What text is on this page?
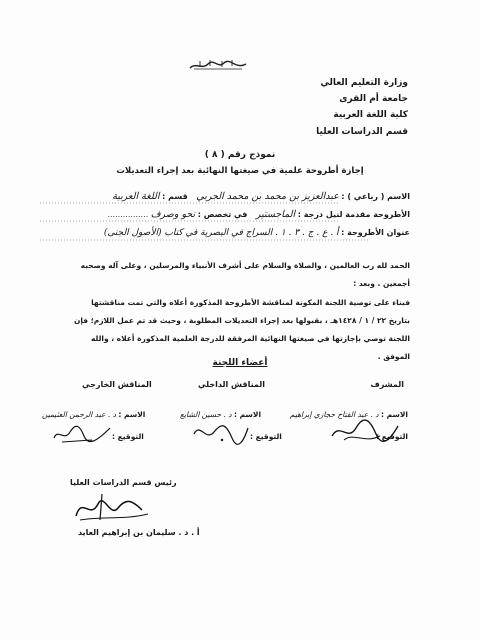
وزارة التعليم العالي
جامعة أم القرى
كلية اللغة العربية
قسم الدراسات العليا
نموذج رقم ( ٨ )
إجازة أطروحة علمية في صيغتها النهائية بعد إجراء التعديلات
الاسم ( رباعي ) : عبدالعزيز بن محمد بن محمد الجربي قسم : اللغة العربية
الأطروحة مقدمة لنيل درجة : الماجستير في تخصص : نحو وصرف ................
عنوان الأطروحة : أ . ع . ج . ٣ . ١ . السراج في البصرية في كتاب (الأصول الجنى)
الحمد لله رب العالمين ، والصلاة والسلام على أشرف الأنبياء والمرسلين ، وعلى آله وصحبه أجمعين . وبعد :
فبناء على توصية اللجنة المكونة لمناقشة الأطروحة المذكورة أعلاه والتي تمت مناقشتها بتاريخ ٢٢ / ١ / ١٤٢٨هـ ، بقبولها بعد إجراء التعديلات المطلوبة ، وحيث قد تم عمل اللازم؛ فإن اللجنة توصي بإجازتها في صيغتها النهائية المرفقة للدرجة العلمية المذكورة أعلاه ، والله الموفق .
أعضاء اللجنة
المشرف
المناقش الداخلي
المناقش الخارجي
الاسم : د . عبد الفتاح حجازي إبراهيم
التوقيع :
الاسم : د . حسين الشايع
التوقيع :
الاسم : د . عبد الرحمن العثيمين
التوقيع :
رئيس قسم الدراسات العليا
أ . د . سليمان بن إبراهيم العايد
